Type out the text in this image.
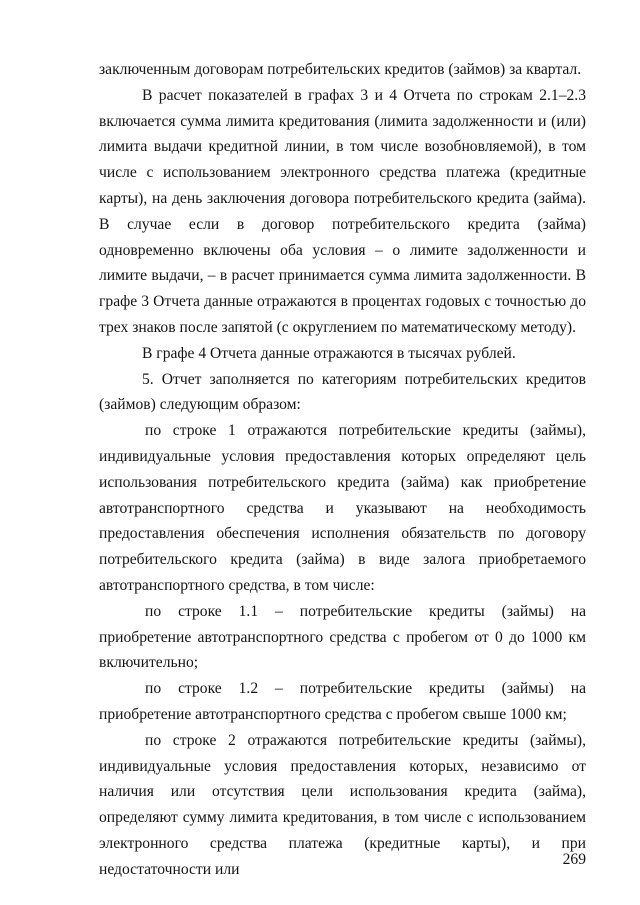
заключенным договорам потребительских кредитов (займов) за квартал.

В расчет показателей в графах 3 и 4 Отчета по строкам 2.1–2.3 включается сумма лимита кредитования (лимита задолженности и (или) лимита выдачи кредитной линии, в том числе возобновляемой), в том числе с использованием электронного средства платежа (кредитные карты), на день заключения договора потребительского кредита (займа). В случае если в договор потребительского кредита (займа) одновременно включены оба условия – о лимите задолженности и лимите выдачи, – в расчет принимается сумма лимита задолженности. В графе 3 Отчета данные отражаются в процентах годовых с точностью до трех знаков после запятой (с округлением по математическому методу).

В графе 4 Отчета данные отражаются в тысячах рублей.

5. Отчет заполняется по категориям потребительских кредитов (займов) следующим образом:

по строке 1 отражаются потребительские кредиты (займы), индивидуальные условия предоставления которых определяют цель использования потребительского кредита (займа) как приобретение автотранспортного средства и указывают на необходимость предоставления обеспечения исполнения обязательств по договору потребительского кредита (займа) в виде залога приобретаемого автотранспортного средства, в том числе:

по строке 1.1 – потребительские кредиты (займы) на приобретение автотранспортного средства с пробегом от 0 до 1000 км включительно;

по строке 1.2 – потребительские кредиты (займы) на приобретение автотранспортного средства с пробегом свыше 1000 км;

по строке 2 отражаются потребительские кредиты (займы), индивидуальные условия предоставления которых, независимо от наличия или отсутствия цели использования кредита (займа), определяют сумму лимита кредитования, в том числе с использованием электронного средства платежа (кредитные карты), и при недостаточности или

269
